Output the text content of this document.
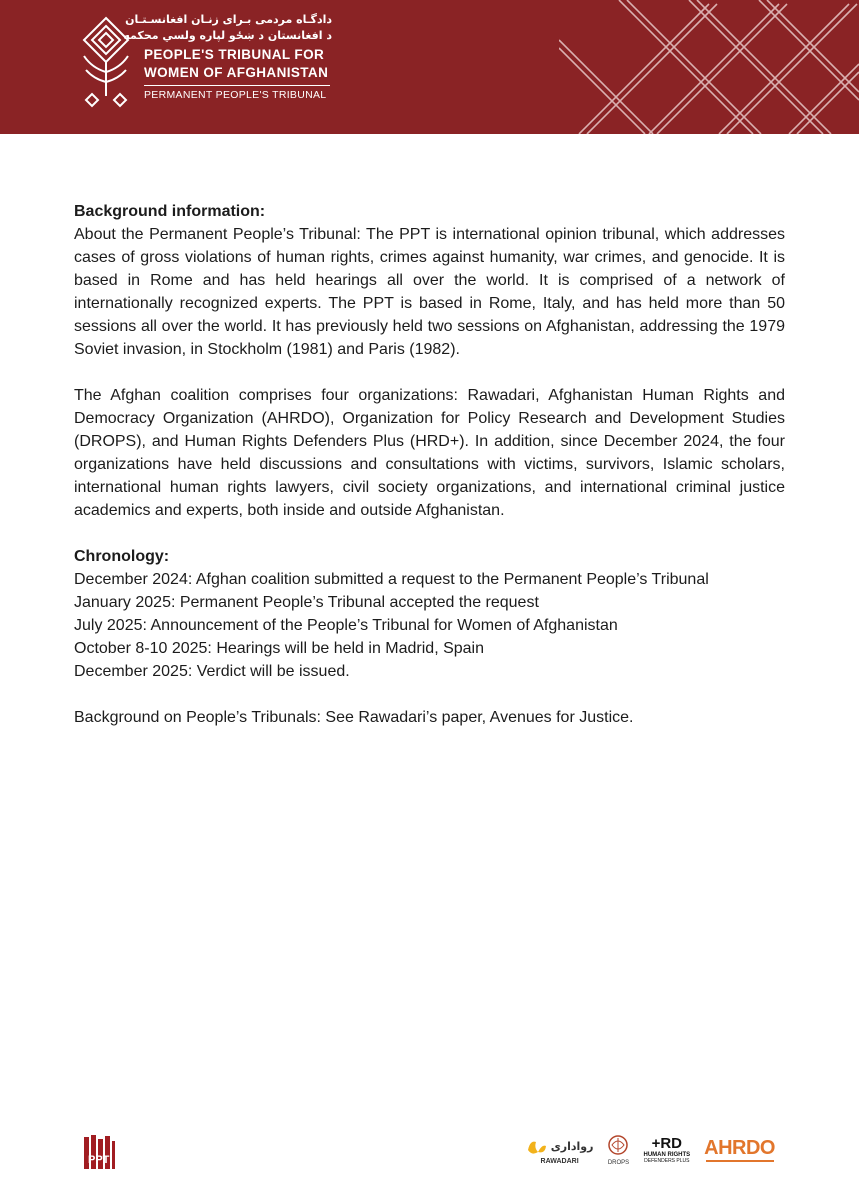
دادگـاه مردمی بـرای زنـان افغانسـتـان
د افغانستان د ښځو لپاره ولسي محکمه
PEOPLE'S TRIBUNAL FOR
WOMEN OF AFGHANISTAN
PERMANENT PEOPLE'S TRIBUNAL

Background information:

About the Permanent People’s Tribunal: The PPT is international opinion tribunal, which addresses cases of gross violations of human rights, crimes against humanity, war crimes, and genocide. It is based in Rome and has held hearings all over the world. It is comprised of a network of internationally recognized experts. The PPT is based in Rome, Italy, and has held more than 50 sessions all over the world. It has previously held two sessions on Afghanistan, addressing the 1979 Soviet invasion, in Stockholm (1981) and Paris (1982).

The Afghan coalition comprises four organizations: Rawadari, Afghanistan Human Rights and Democracy Organization (AHRDO), Organization for Policy Research and Development Studies (DROPS), and Human Rights Defenders Plus (HRD+). In addition, since December 2024, the four organizations have held discussions and consultations with victims, survivors, Islamic scholars, international human rights lawyers, civil society organizations, and international criminal justice academics and experts, both inside and outside Afghanistan.

Chronology:

December 2024: Afghan coalition submitted a request to the Permanent People’s Tribunal

January 2025: Permanent People’s Tribunal accepted the request

July 2025: Announcement of the People’s Tribunal for Women of Afghanistan

October 8-10 2025: Hearings will be held in Madrid, Spain

December 2025: Verdict will be issued.

Background on People’s Tribunals: See Rawadari’s paper, Avenues for Justice.

PPT
رواداری
RAWADARI	DROPS
+RD
HUMAN RIGHTS
DEFENDERS PLUS
AHRDO
